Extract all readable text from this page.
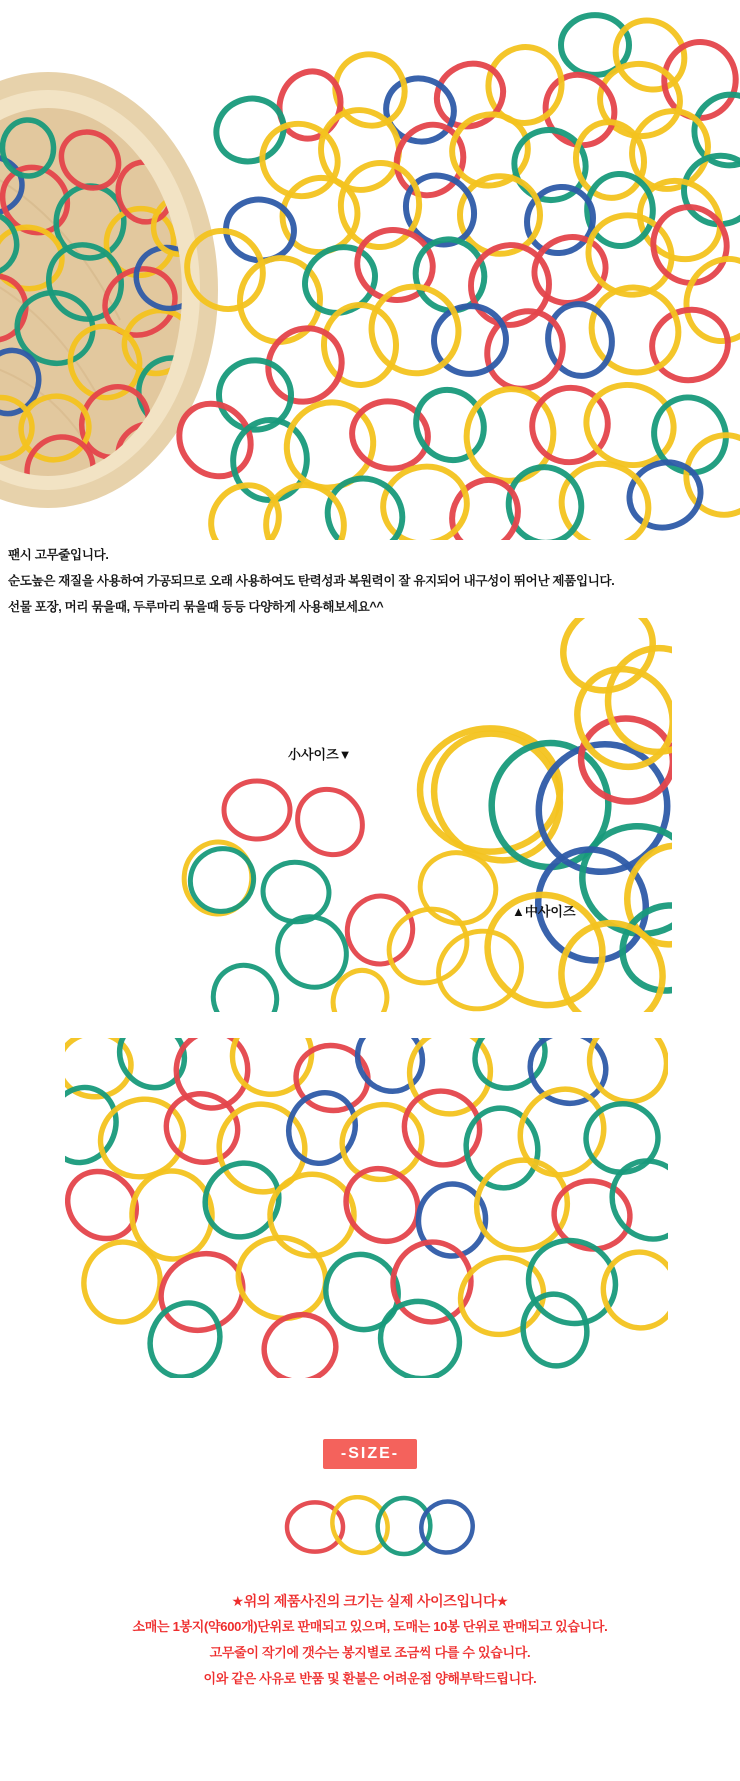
팬시 고무줄입니다.

순도높은 재질을 사용하여 가공되므로 오래 사용하여도 탄력성과 복원력이 잘 유지되어 내구성이 뛰어난 제품입니다.

선물 포장, 머리 묶을때, 두루마리 묶을때 등등 다양하게 사용해보세요^^

小사이즈▼
▲中사이즈
-SIZE-

★위의 제품사진의 크기는 실제 사이즈입니다★

소매는 1봉지(약600개)단위로 판매되고 있으며, 도매는 10봉 단위로 판매되고 있습니다.

고무줄이 작기에 갯수는 봉지별로 조금씩 다를 수 있습니다.

이와 같은 사유로 반품 및 환불은 어려운점 양해부탁드립니다.
